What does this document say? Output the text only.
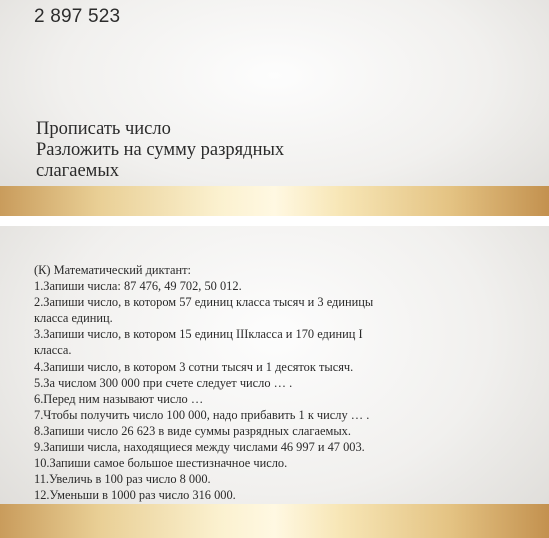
2 897 523
Прописать число
Разложить на сумму разрядных
слагаемых
(К) Математический диктант:
1.Запиши числа: 87 476, 49 702, 50 012.
2.Запиши число, в котором 57 единиц класса тысяч и 3 единицы
класса единиц.
3.Запиши число, в котором 15 единиц IIIкласса и 170 единиц I
класса.
4.Запиши число, в котором 3 сотни тысяч и 1 десяток тысяч.
5.За числом 300 000 при счете следует число … .
6.Перед ним называют число …
7.Чтобы получить число 100 000, надо прибавить 1 к числу … .
8.Запиши число 26 623 в виде суммы разрядных слагаемых.
9.Запиши числа, находящиеся между числами 46 997 и 47 003.
10.Запиши самое большое шестизначное число.
11.Увеличь в 100 раз число 8 000.
12.Уменьши в 1000 раз число 316 000.
